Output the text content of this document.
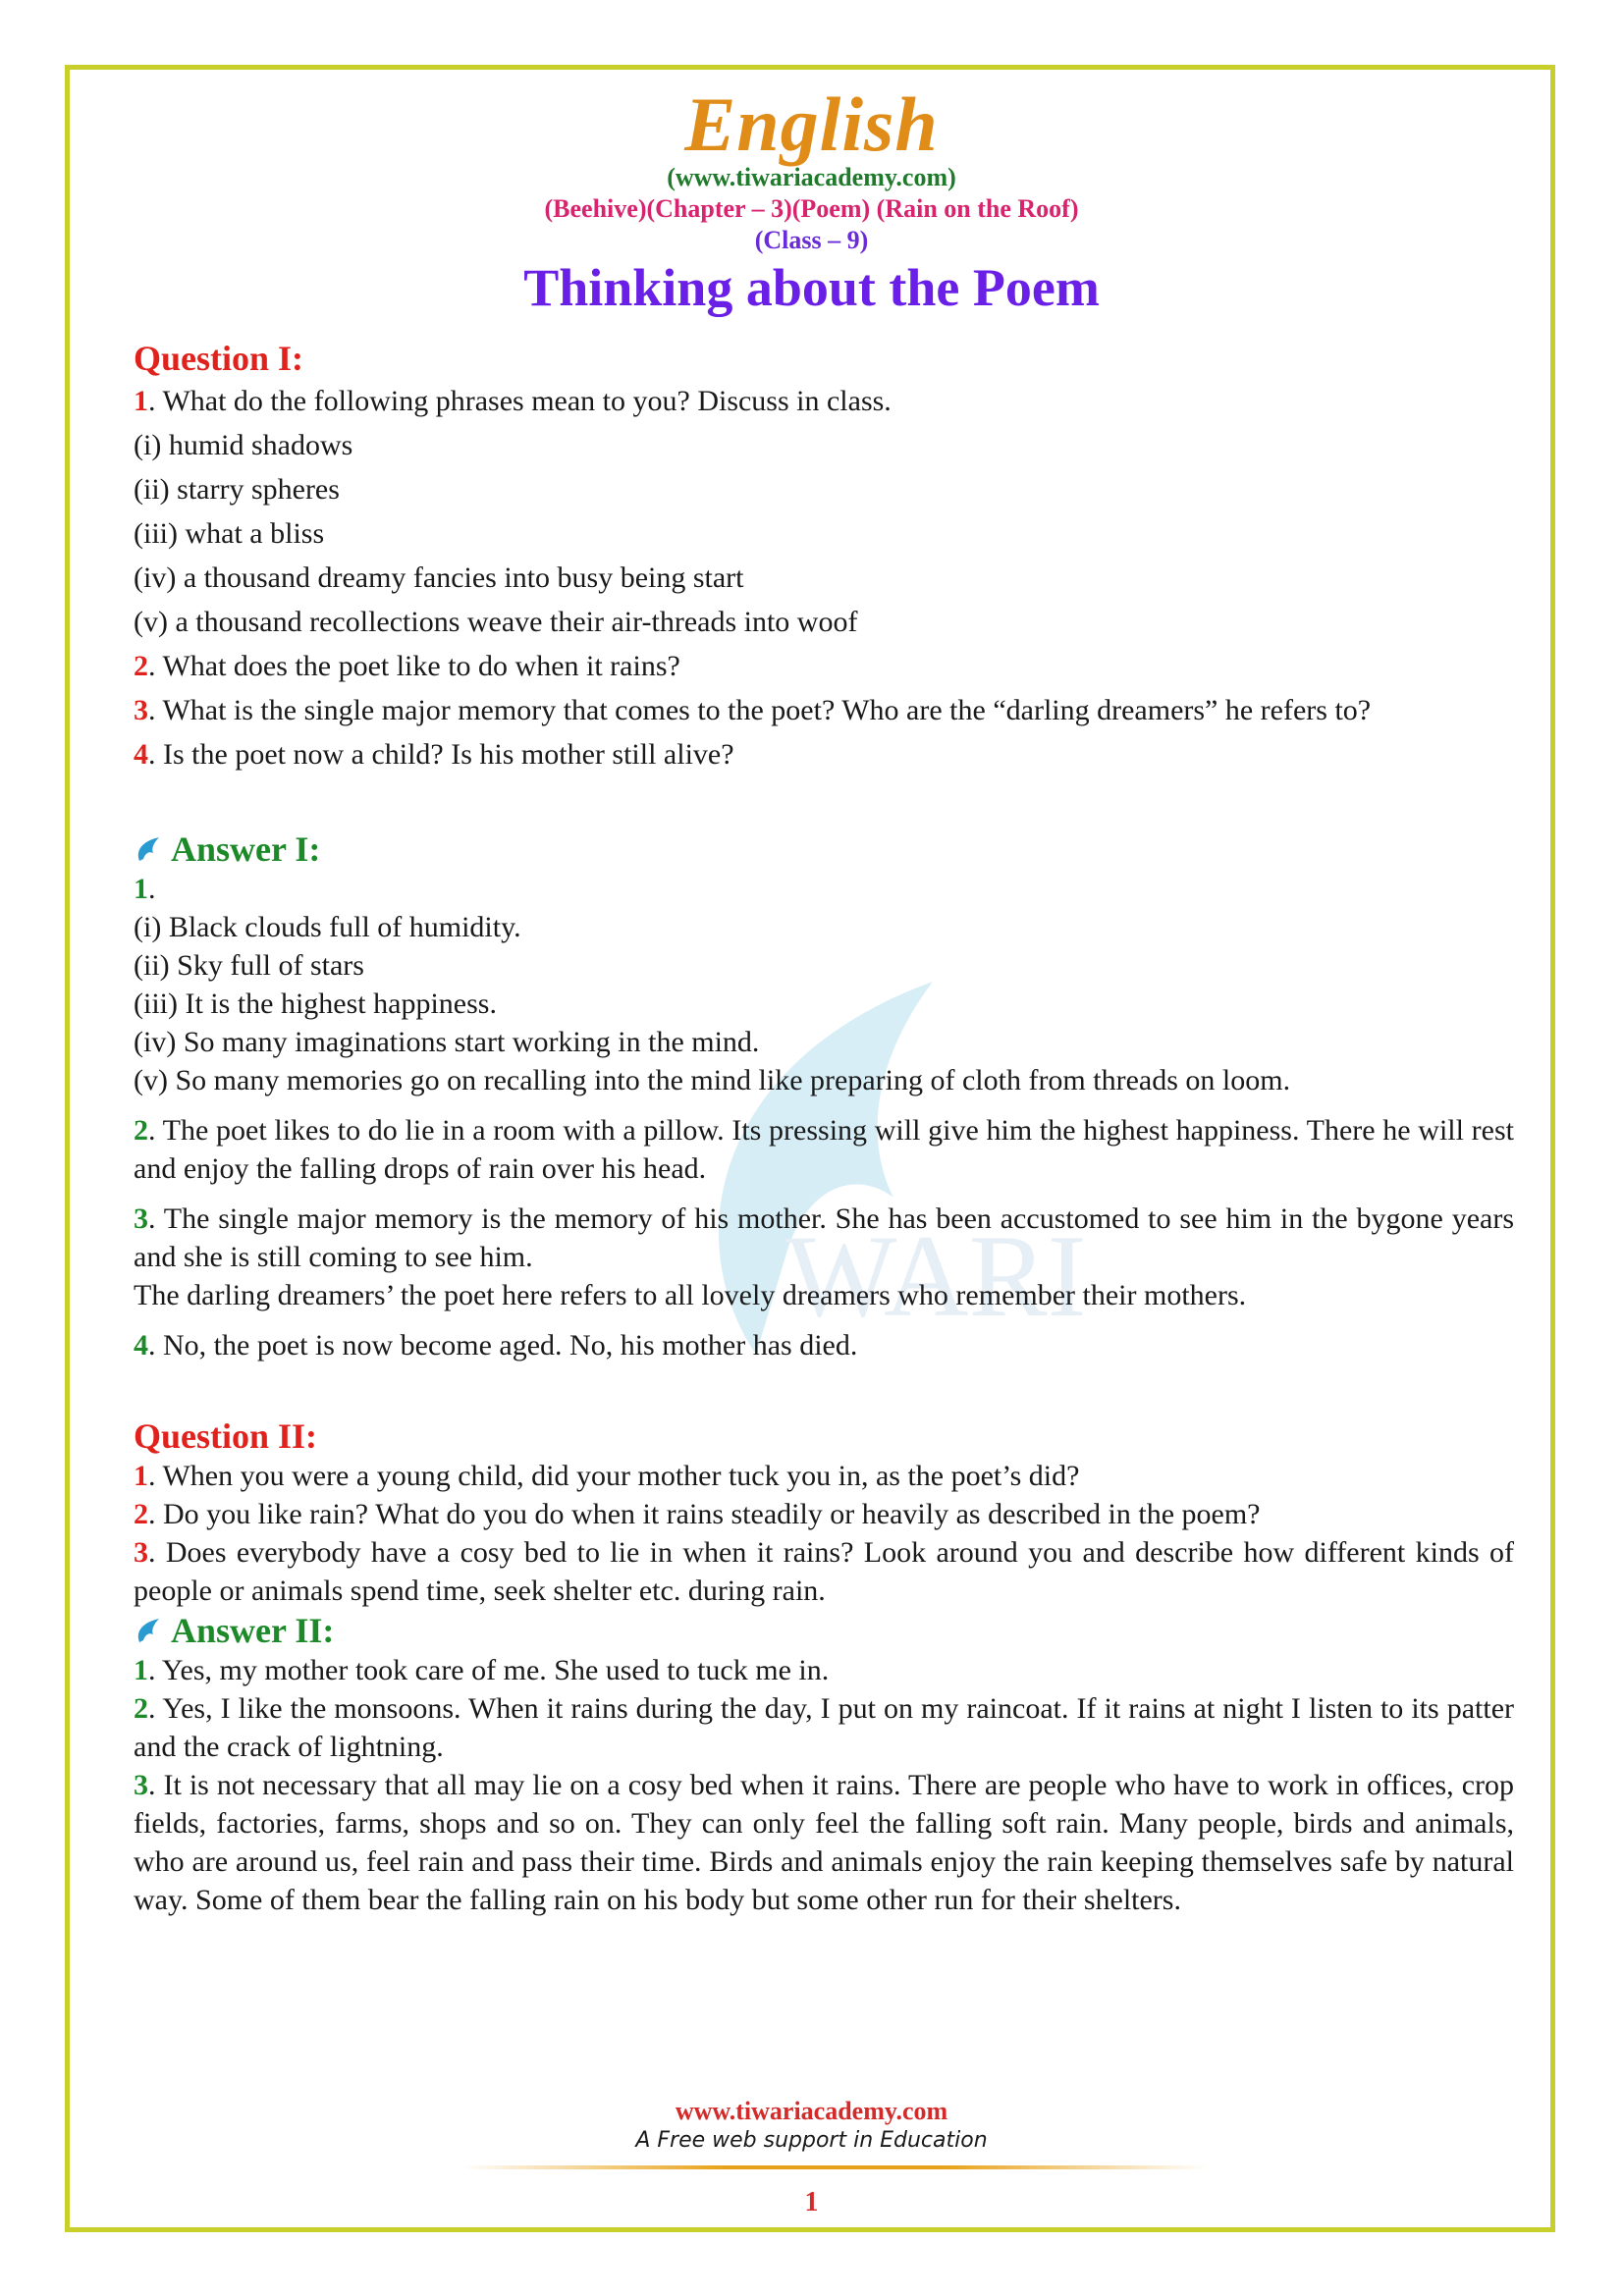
WARI
English
(www.tiwariacademy.com)
(Beehive)(Chapter – 3)(Poem) (Rain on the Roof)
(Class – 9)
Thinking about the Poem
Question I:
1. What do the following phrases mean to you? Discuss in class.
(i) humid shadows
(ii) starry spheres
(iii) what a bliss
(iv) a thousand dreamy fancies into busy being start
(v) a thousand recollections weave their air-threads into woof
2. What does the poet like to do when it rains?
3. What is the single major memory that comes to the poet? Who are the “darling dreamers” he refers to?
4. Is the poet now a child? Is his mother still alive?
Answer I:
1.
(i) Black clouds full of humidity.
(ii) Sky full of stars
(iii) It is the highest happiness.
(iv) So many imaginations start working in the mind.
(v) So many memories go on recalling into the mind like preparing of cloth from threads on loom.
2. The poet likes to do lie in a room with a pillow. Its pressing will give him the highest happiness. There he will rest and enjoy the falling drops of rain over his head.
3. The single major memory is the memory of his mother. She has been accustomed to see him in the bygone years and she is still coming to see him.
The darling dreamers’ the poet here refers to all lovely dreamers who remember their mothers.
4. No, the poet is now become aged. No, his mother has died.
Question II:
1. When you were a young child, did your mother tuck you in, as the poet’s did?
2. Do you like rain? What do you do when it rains steadily or heavily as described in the poem?
3. Does everybody have a cosy bed to lie in when it rains? Look around you and describe how different kinds of people or animals spend time, seek shelter etc. during rain.
Answer II:
1. Yes, my mother took care of me. She used to tuck me in.
2. Yes, I like the monsoons. When it rains during the day, I put on my raincoat. If it rains at night I listen to its patter and the crack of lightning.
3. It is not necessary that all may lie on a cosy bed when it rains. There are people who have to work in offices, crop fields, factories, farms, shops and so on. They can only feel the falling soft rain. Many people, birds and animals, who are around us, feel rain and pass their time. Birds and animals enjoy the rain keeping themselves safe by natural way. Some of them bear the falling rain on his body but some other run for their shelters.
www.tiwariacademy.com
A Free web support in Education
1
